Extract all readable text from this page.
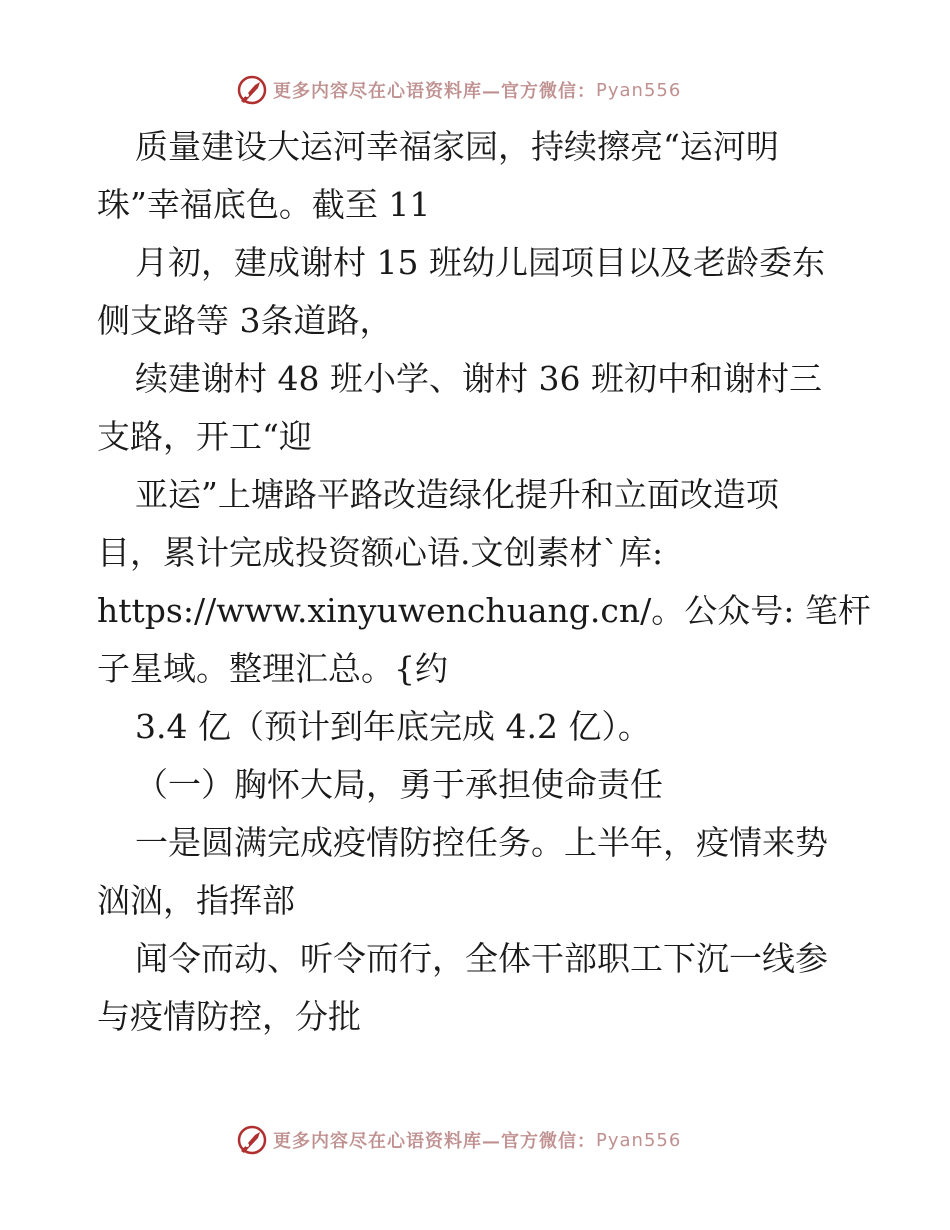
更多内容尽在心语资料库—官方微信： Pyan556
质量建设大运河幸福家园，持续擦亮“运河明
珠”幸福底色。截至 11
月初，建成谢村 15 班幼儿园项目以及老龄委东
侧支路等 3条道路，
续建谢村 48 班小学、谢村 36 班初中和谢村三
支路，开工“迎
亚运”上塘路平路改造绿化提升和立面改造项
目，累计完成投资额心语.文创素材`库:
https://www.xinyuwenchuang.cn/。公众号: 笔杆
子星域。整理汇总。{约
3.4 亿（预计到年底完成 4.2 亿）。
（一）胸怀大局，勇于承担使命责任
一是圆满完成疫情防控任务。上半年，疫情来势
汹汹，指挥部
闻令而动、听令而行，全体干部职工下沉一线参
与疫情防控，分批
更多内容尽在心语资料库—官方微信： Pyan556
